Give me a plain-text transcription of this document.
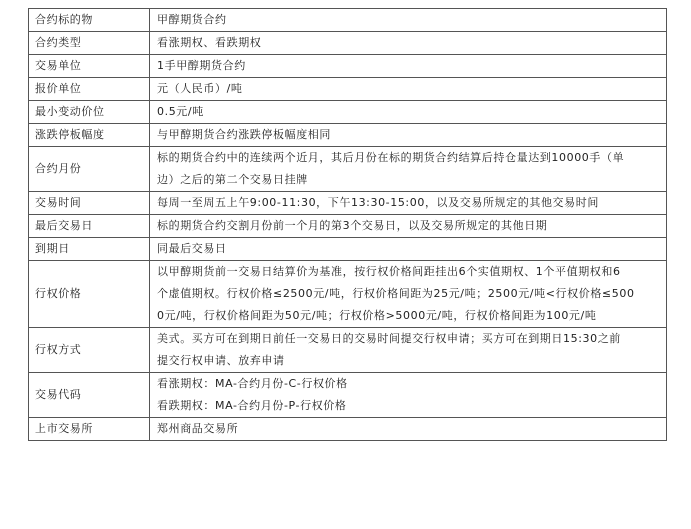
合约标的物	甲醇期货合约

合约类型	看涨期权、看跌期权

交易单位	1手甲醇期货合约

报价单位	元（人民币）/吨

最小变动价位	0.5元/吨

涨跌停板幅度	与甲醇期货合约涨跌停板幅度相同

合约月份	标的期货合约中的连续两个近月，其后月份在标的期货合约结算后持仓量达到10000手（单
边）之后的第二个交易日挂牌

交易时间	每周一至周五上午9:00-11:30，下午13:30-15:00，以及交易所规定的其他交易时间

最后交易日	标的期货合约交割月份前一个月的第3个交易日，以及交易所规定的其他日期

到期日	同最后交易日

行权价格	以甲醇期货前一交易日结算价为基准，按行权价格间距挂出6个实值期权、1个平值期权和6
个虚值期权。行权价格≤2500元/吨，行权价格间距为25元/吨；2500元/吨<行权价格≤500
0元/吨，行权价格间距为50元/吨；行权价格>5000元/吨，行权价格间距为100元/吨

行权方式	美式。买方可在到期日前任一交易日的交易时间提交行权申请；买方可在到期日15:30之前
提交行权申请、放弃申请

交易代码	看涨期权：MA-合约月份-C-行权价格
看跌期权：MA-合约月份-P-行权价格

上市交易所	郑州商品交易所
